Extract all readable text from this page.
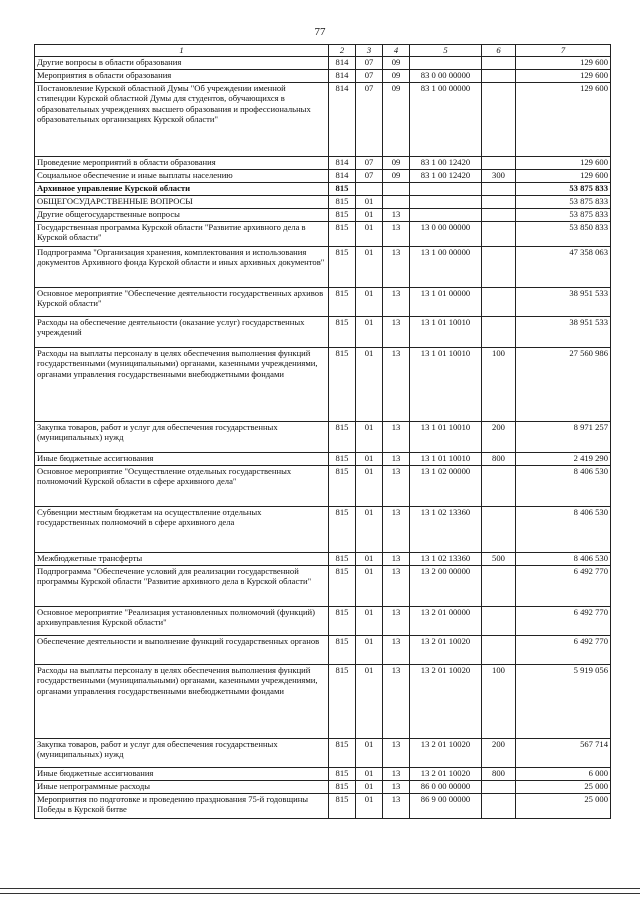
77
1	2	3	4	5	6	7
Другие вопросы в области образования	814	07	09			129 600
Мероприятия в области образования	814	07	09	83 0 00 00000		129 600
Постановление Курской областной Думы "Об учреждении именной стипендии Курской областной Думы для студентов, обучающихся в образовательных учреждениях высшего образования и профессиональных образовательных организациях Курской области"	814	07	09	83 1 00 00000		129 600
Проведение мероприятий в области образования	814	07	09	83 1 00 12420		129 600
Социальное обеспечение и иные выплаты населению	814	07	09	83 1 00 12420	300	129 600
Архивное управление Курской области	815					53 875 833
ОБЩЕГОСУДАРСТВЕННЫЕ ВОПРОСЫ	815	01				53 875 833
Другие общегосударственные вопросы	815	01	13			53 875 833
Государственная программа Курской области "Развитие архивного дела в Курской области"	815	01	13	13 0 00 00000		53 850 833
Подпрограмма "Организация хранения, комплектования и использования документов Архивного фонда Курской области и иных архивных документов"	815	01	13	13 1 00 00000		47 358 063
Основное мероприятие "Обеспечение деятельности государственных архивов Курской области"	815	01	13	13 1 01 00000		38 951 533
Расходы на обеспечение деятельности (оказание услуг) государственных учреждений	815	01	13	13 1 01 10010		38 951 533
Расходы на выплаты персоналу в целях обеспечения выполнения функций государственными (муниципальными) органами, казенными учреждениями, органами управления государственными внебюджетными фондами	815	01	13	13 1 01 10010	100	27 560 986
Закупка товаров, работ и услуг для обеспечения государственных (муниципальных) нужд	815	01	13	13 1 01 10010	200	8 971 257
Иные бюджетные ассигнования	815	01	13	13 1 01 10010	800	2 419 290
Основное мероприятие "Осуществление отдельных государственных полномочий Курской области в сфере архивного дела"	815	01	13	13 1 02 00000		8 406 530
Субвенции местным бюджетам на осуществление отдельных государственных полномочий в сфере архивного дела	815	01	13	13 1 02 13360		8 406 530
Межбюджетные трансферты	815	01	13	13 1 02 13360	500	8 406 530
Подпрограмма "Обеспечение условий для реализации государственной программы Курской области "Развитие архивного дела в Курской области"	815	01	13	13 2 00 00000		6 492 770
Основное мероприятие "Реализация установленных полномочий (функций) архивуправления Курской области"	815	01	13	13 2 01 00000		6 492 770
Обеспечение деятельности и выполнение функций государственных органов	815	01	13	13 2 01 10020		6 492 770
Расходы на выплаты персоналу в целях обеспечения выполнения функций государственными (муниципальными) органами, казенными учреждениями, органами управления государственными внебюджетными фондами	815	01	13	13 2 01 10020	100	5 919 056
Закупка товаров, работ и услуг для обеспечения государственных (муниципальных) нужд	815	01	13	13 2 01 10020	200	567 714
Иные бюджетные ассигнования	815	01	13	13 2 01 10020	800	6 000
Иные непрограммные расходы	815	01	13	86 0 00 00000		25 000
Мероприятия по подготовке и проведению празднования 75-й годовщины Победы в Курской битве	815	01	13	86 9 00 00000		25 000
